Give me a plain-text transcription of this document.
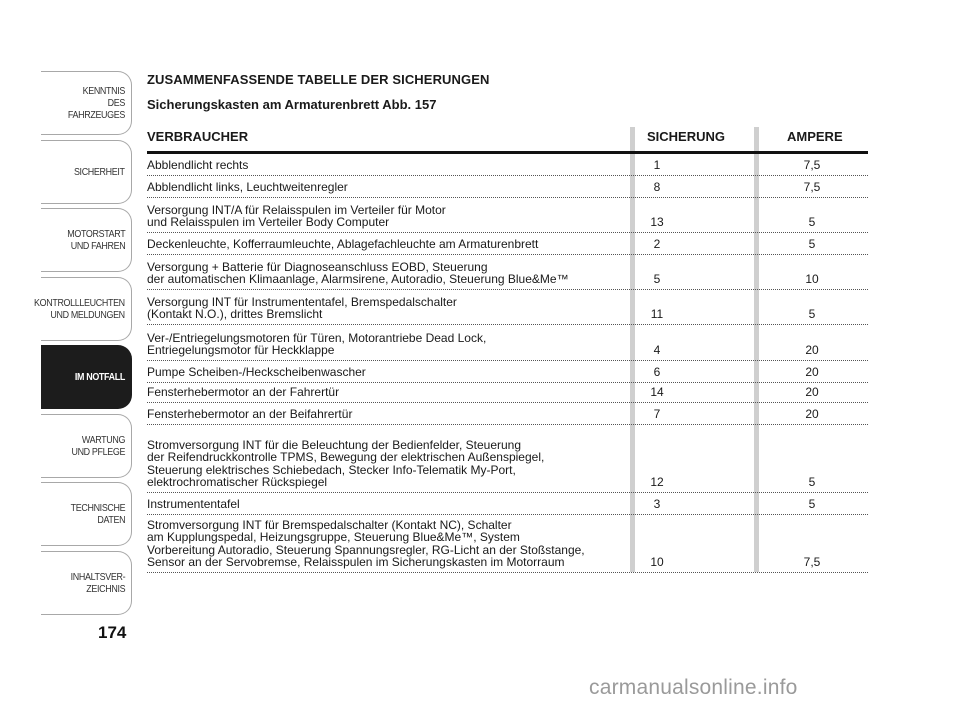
KENNTNIS
DES FAHRZEUGES
SICHERHEIT
MOTORSTART
UND FAHREN
KONTROLLLEUCHTEN
UND MELDUNGEN
IM NOTFALL
WARTUNG
UND PFLEGE
TECHNISCHE
DATEN
INHALTSVER-
ZEICHNIS
174
ZUSAMMENFASSENDE TABELLE DER SICHERUNGEN
Sicherungskasten am Armaturenbrett Abb. 157
VERBRAUCHER	SICHERUNG	AMPERE
Abblendlicht rechts	1	7,5
Abblendlicht links, Leuchtweitenregler	8	7,5
Versorgung INT/A für Relaisspulen im Verteiler für Motor
und Relaisspulen im Verteiler Body Computer	13	5
Deckenleuchte, Kofferraumleuchte, Ablagefachleuchte am Armaturenbrett	2	5
Versorgung + Batterie für Diagnoseanschluss EOBD, Steuerung
der automatischen Klimaanlage, Alarmsirene, Autoradio, Steuerung Blue&Me™	5	10
Versorgung INT für Instrumententafel, Bremspedalschalter
(Kontakt N.O.), drittes Bremslicht	11	5
Ver-/Entriegelungsmotoren für Türen, Motorantriebe Dead Lock,
Entriegelungsmotor für Heckklappe	4	20
Pumpe Scheiben-/Heckscheibenwascher	6	20
Fensterhebermotor an der Fahrertür	14	20
Fensterhebermotor an der Beifahrertür	7	20
Stromversorgung INT für die Beleuchtung der Bedienfelder, Steuerung
der Reifendruckkontrolle TPMS, Bewegung der elektrischen Außenspiegel,
Steuerung elektrisches Schiebedach, Stecker Info-Telematik My-Port,
elektrochromatischer Rückspiegel	12	5
Instrumententafel	3	5
Stromversorgung INT für Bremspedalschalter (Kontakt NC), Schalter
am Kupplungspedal, Heizungsgruppe, Steuerung Blue&Me™, System
Vorbereitung Autoradio, Steuerung Spannungsregler, RG-Licht an der Stoßstange,
Sensor an der Servobremse, Relaisspulen im Sicherungskasten im Motorraum	10	7,5
carmanualsonline.info
